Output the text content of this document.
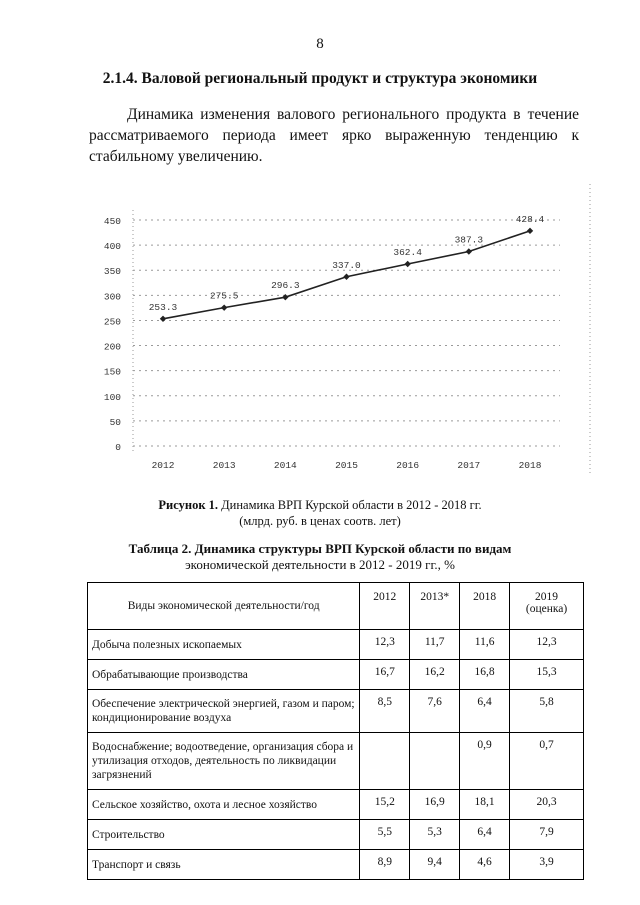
8
2.1.4. Валовой региональный продукт и структура экономики

Динамика изменения валового регионального продукта в течение рассматриваемого периода имеет ярко выраженную тенденцию к стабильному увеличению.

0
50
100
150
200
250
300
350
400
450
2012	2013	2014	2015	2016	2017	2018
253.3
275.5
296.3
337.0
362.4
387.3
428.4
Рисунок 1. Динамика ВРП Курской области в 2012 - 2018 гг.
(млрд. руб. в ценах соотв. лет)
Таблица 2. Динамика структуры ВРП Курской области по видам
экономической деятельности в 2012 - 2019 гг., %
Виды экономической деятельности/год	2012	2013*	2018	2019 (оценка)
Добыча полезных ископаемых	12,3	11,7	11,6	12,3
Обрабатывающие производства	16,7	16,2	16,8	15,3
Обеспечение электрической энергией, газом и паром; кондиционирование воздуха	8,5	7,6	6,4	5,8
Водоснабжение; водоотведение, организация сбора и утилизация отходов, деятельность по ликвидации загрязнений			0,9	0,7
Сельское хозяйство, охота и лесное хозяйство	15,2	16,9	18,1	20,3
Строительство	5,5	5,3	6,4	7,9
Транспорт и связь	8,9	9,4	4,6	3,9
